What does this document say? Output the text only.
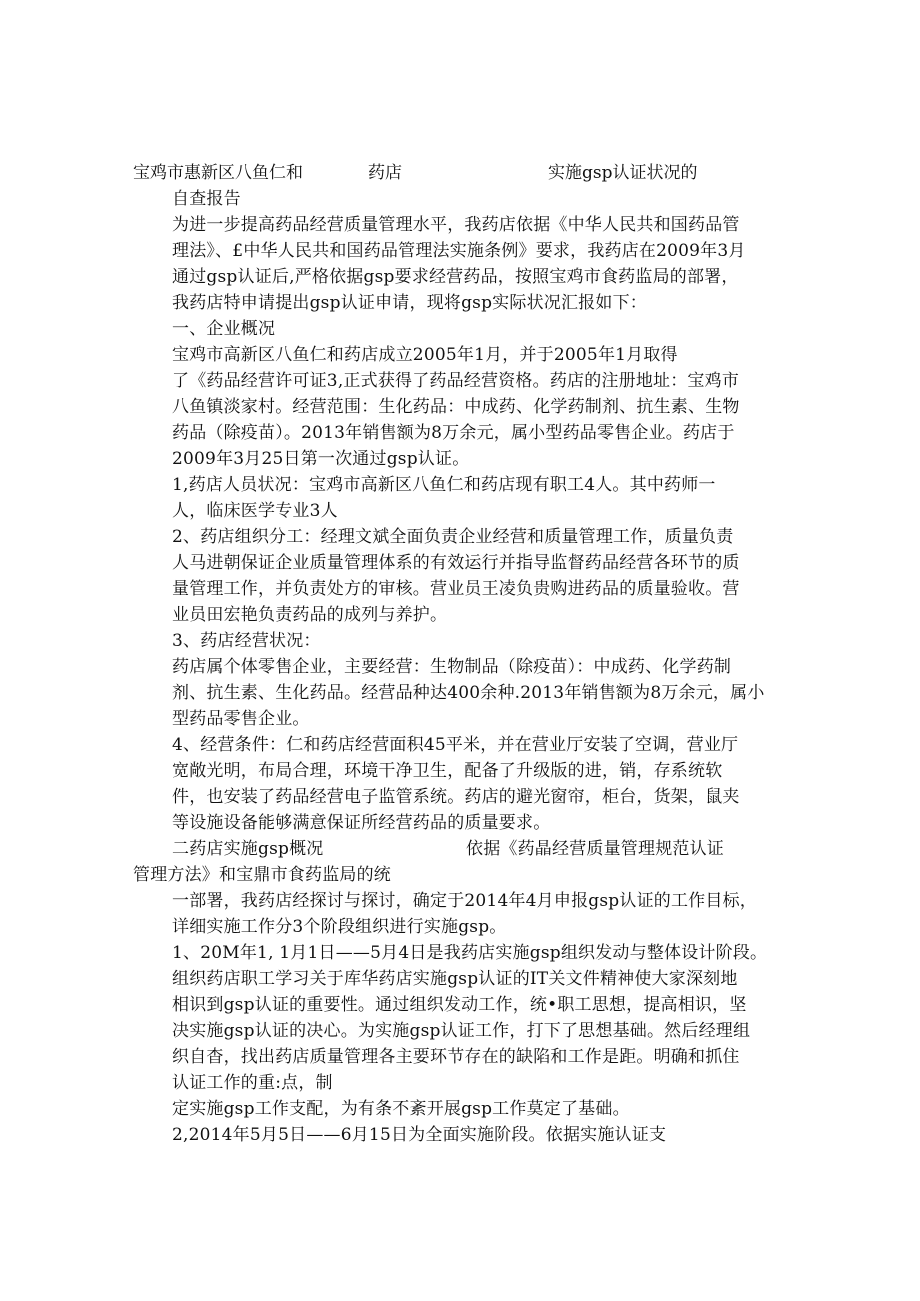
宝鸡市惠新区八鱼仁和	药店	实施gsp认证状况的
自查报告
为进一步提高药品经营质量管理水平，我药店依据《中华人民共和国药品管
理法》、£中华人民共和国药品管理法实施条例》要求，我药店在2009年3月
通过gsp认证后,严格依据gsp要求经营药品，按照宝鸡市食药监局的部署，
我药店特申请提出gsp认证申请，现将gsp实际状况汇报如下：
一、企业概况
宝鸡市高新区八鱼仁和药店成立2005年1月，并于2005年1月取得
了《药品经营许可证3,正式获得了药品经营资格。药店的注册地址：宝鸡市
八鱼镇淡家村。经营范围：生化药品：中成药、化学药制剂、抗生素、生物
药品（除疫苗）。2013年销售额为8万余元，属小型药品零售企业。药店于
2009年3月25日第一次通过gsp认证。
1,药店人员状况：宝鸡市高新区八鱼仁和药店现有职工4人。其中药师一
人，临床医学专业3人
2、药店组织分工：经理文斌全面负责企业经营和质量管理工作，质量负责
人马进朝保证企业质量管理体系的有效运行并指导监督药品经营各环节的质
量管理工作，并负责处方的审核。营业员王凌负贵购进药品的质量验收。营
业员田宏艳负责药品的成列与养护。
3、药店经营状况：
药店属个体零售企业，主要经营：生物制品（除疫苗）：中成药、化学药制
剂、抗生素、生化药品。经营品种达400余种.2013年销售额为8万余元，属小
型药品零售企业。
4、经营条件：仁和药店经营面积45平米，并在营业厅安装了空调，营业厅
宽敞光明，布局合理，环境干净卫生，配备了升级版的进，销，存系统软
件，也安装了药品经营电子监管系统。药店的避光窗帘，柜台，货架，鼠夹
等设施设备能够满意保证所经营药品的质量要求。
二药店实施gsp概况	依据《药晶经营质量管理规范认证
管理方法》和宝鼎市食药监局的统
一部署，我药店经探讨与探讨，确定于2014年4月申报gsp认证的工作目标，
详细实施工作分3个阶段组织进行实施gsp。
1、20M年1, 1月1日——5月4日是我药店实施gsp组织发动与整体设计阶段。
组织药店职工学习关于库华药店实施gsp认证的IT关文件精神使大家深刻地
相识到gsp认证的重要性。通过组织发动工作，统•职工思想，提高相识，坚
决实施gsp认证的决心。为实施gsp认证工作，打下了思想基础。然后经理组
织自杳，找出药店质量管理各主要环节存在的缺陷和工作是距。明确和抓住
认证工作的重:点，制
定实施gsp工作支配，为有条不紊开展gsp工作莫定了基础。
2,2014年5月5日——6月15日为全面实施阶段。依据实施认证支
